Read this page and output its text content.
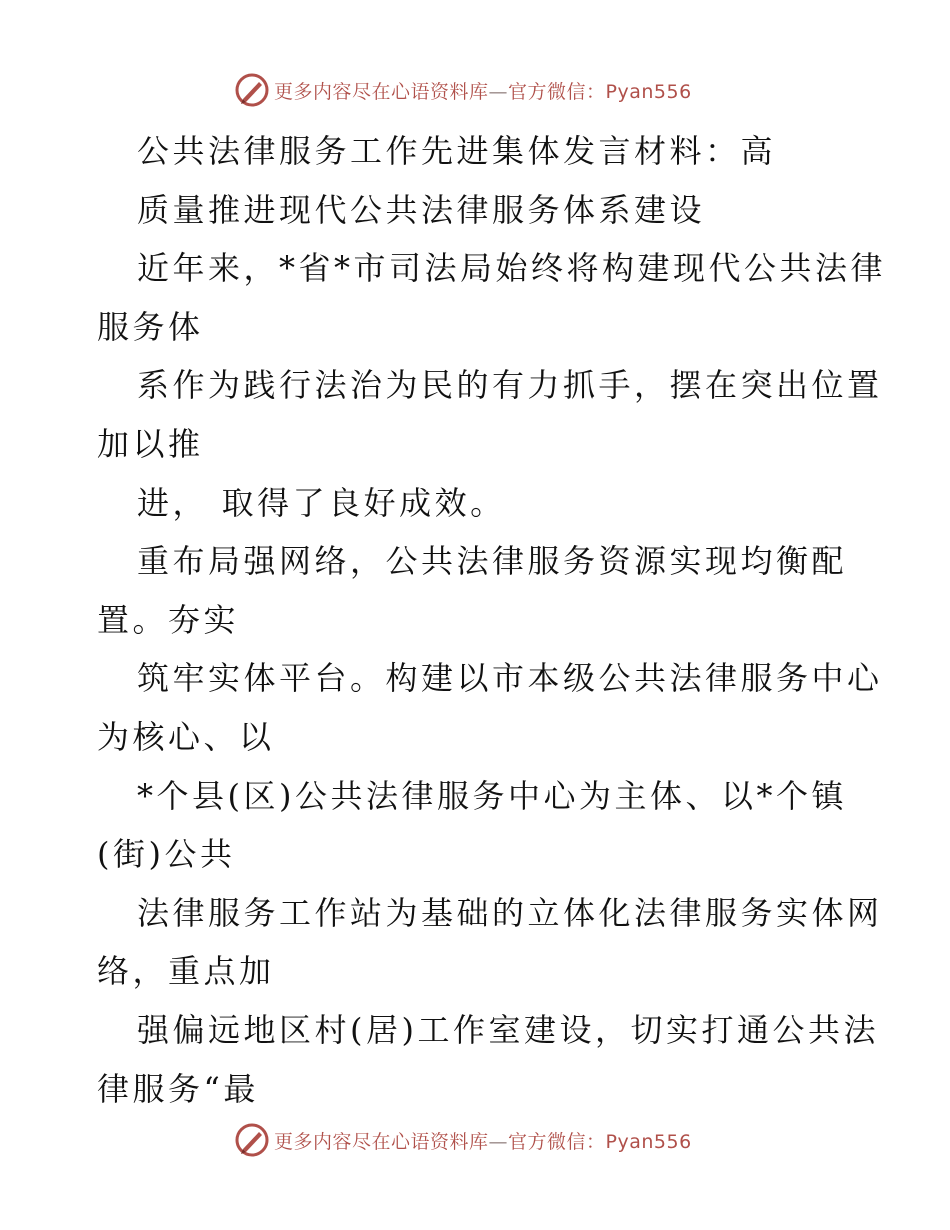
更多内容尽在心语资料库—官方微信：Pyan556
公共法律服务工作先进集体发言材料：高
质量推进现代公共法律服务体系建设
近年来，*省*市司法局始终将构建现代公共法律
服务体
系作为践行法治为民的有力抓手，摆在突出位置
加以推
进， 取得了良好成效。
重布局强网络，公共法律服务资源实现均衡配
置。夯实
筑牢实体平台。构建以市本级公共法律服务中心
为核心、以
*个县(区)公共法律服务中心为主体、以*个镇
(街)公共
法律服务工作站为基础的立体化法律服务实体网
络，重点加
强偏远地区村(居)工作室建设，切实打通公共法
律服务“最
更多内容尽在心语资料库—官方微信：Pyan556
